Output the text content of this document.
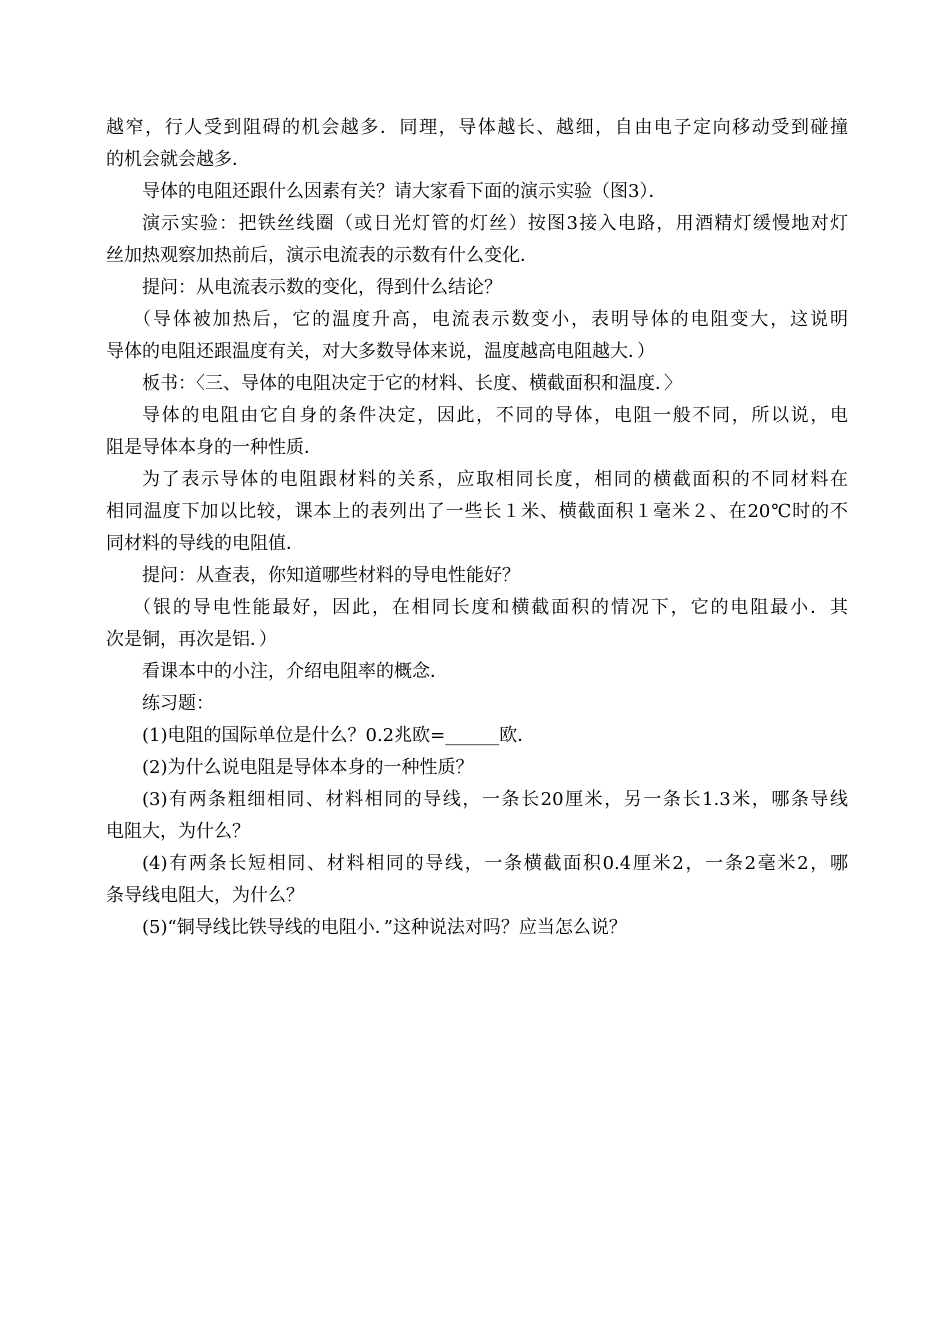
越窄，行人受到阻碍的机会越多．同理，导体越长、越细，自由电子定向移动受到碰撞
的机会就会越多．
导体的电阻还跟什么因素有关？请大家看下面的演示实验（图3）．
演示实验：把铁丝线圈（或日光灯管的灯丝）按图3接入电路，用酒精灯缓慢地对灯
丝加热观察加热前后，演示电流表的示数有什么变化．
提问：从电流表示数的变化，得到什么结论？
（导体被加热后，它的温度升高，电流表示数变小，表明导体的电阻变大，这说明
导体的电阻还跟温度有关，对大多数导体来说，温度越高电阻越大．）
板书：〈三、导体的电阻决定于它的材料、长度、横截面积和温度．〉
导体的电阻由它自身的条件决定，因此，不同的导体，电阻一般不同，所以说，电
阻是导体本身的一种性质．
为了表示导体的电阻跟材料的关系，应取相同长度，相同的横截面积的不同材料在
相同温度下加以比较，课本上的表列出了一些长１米、横截面积１毫米２、在20℃时的不
同材料的导线的电阻值．
提问：从查表，你知道哪些材料的导电性能好？
（银的导电性能最好，因此，在相同长度和横截面积的情况下，它的电阻最小．其
次是铜，再次是铝．）
看课本中的小注，介绍电阻率的概念．
练习题：
(1)电阻的国际单位是什么？0.2兆欧=______欧．
(2)为什么说电阻是导体本身的一种性质？
(3)有两条粗细相同、材料相同的导线，一条长20厘米，另一条长1.3米，哪条导线
电阻大，为什么？
(4)有两条长短相同、材料相同的导线，一条横截面积0.4厘米2，一条2毫米2，哪
条导线电阻大，为什么？
(5)“铜导线比铁导线的电阻小．”这种说法对吗？应当怎么说？
